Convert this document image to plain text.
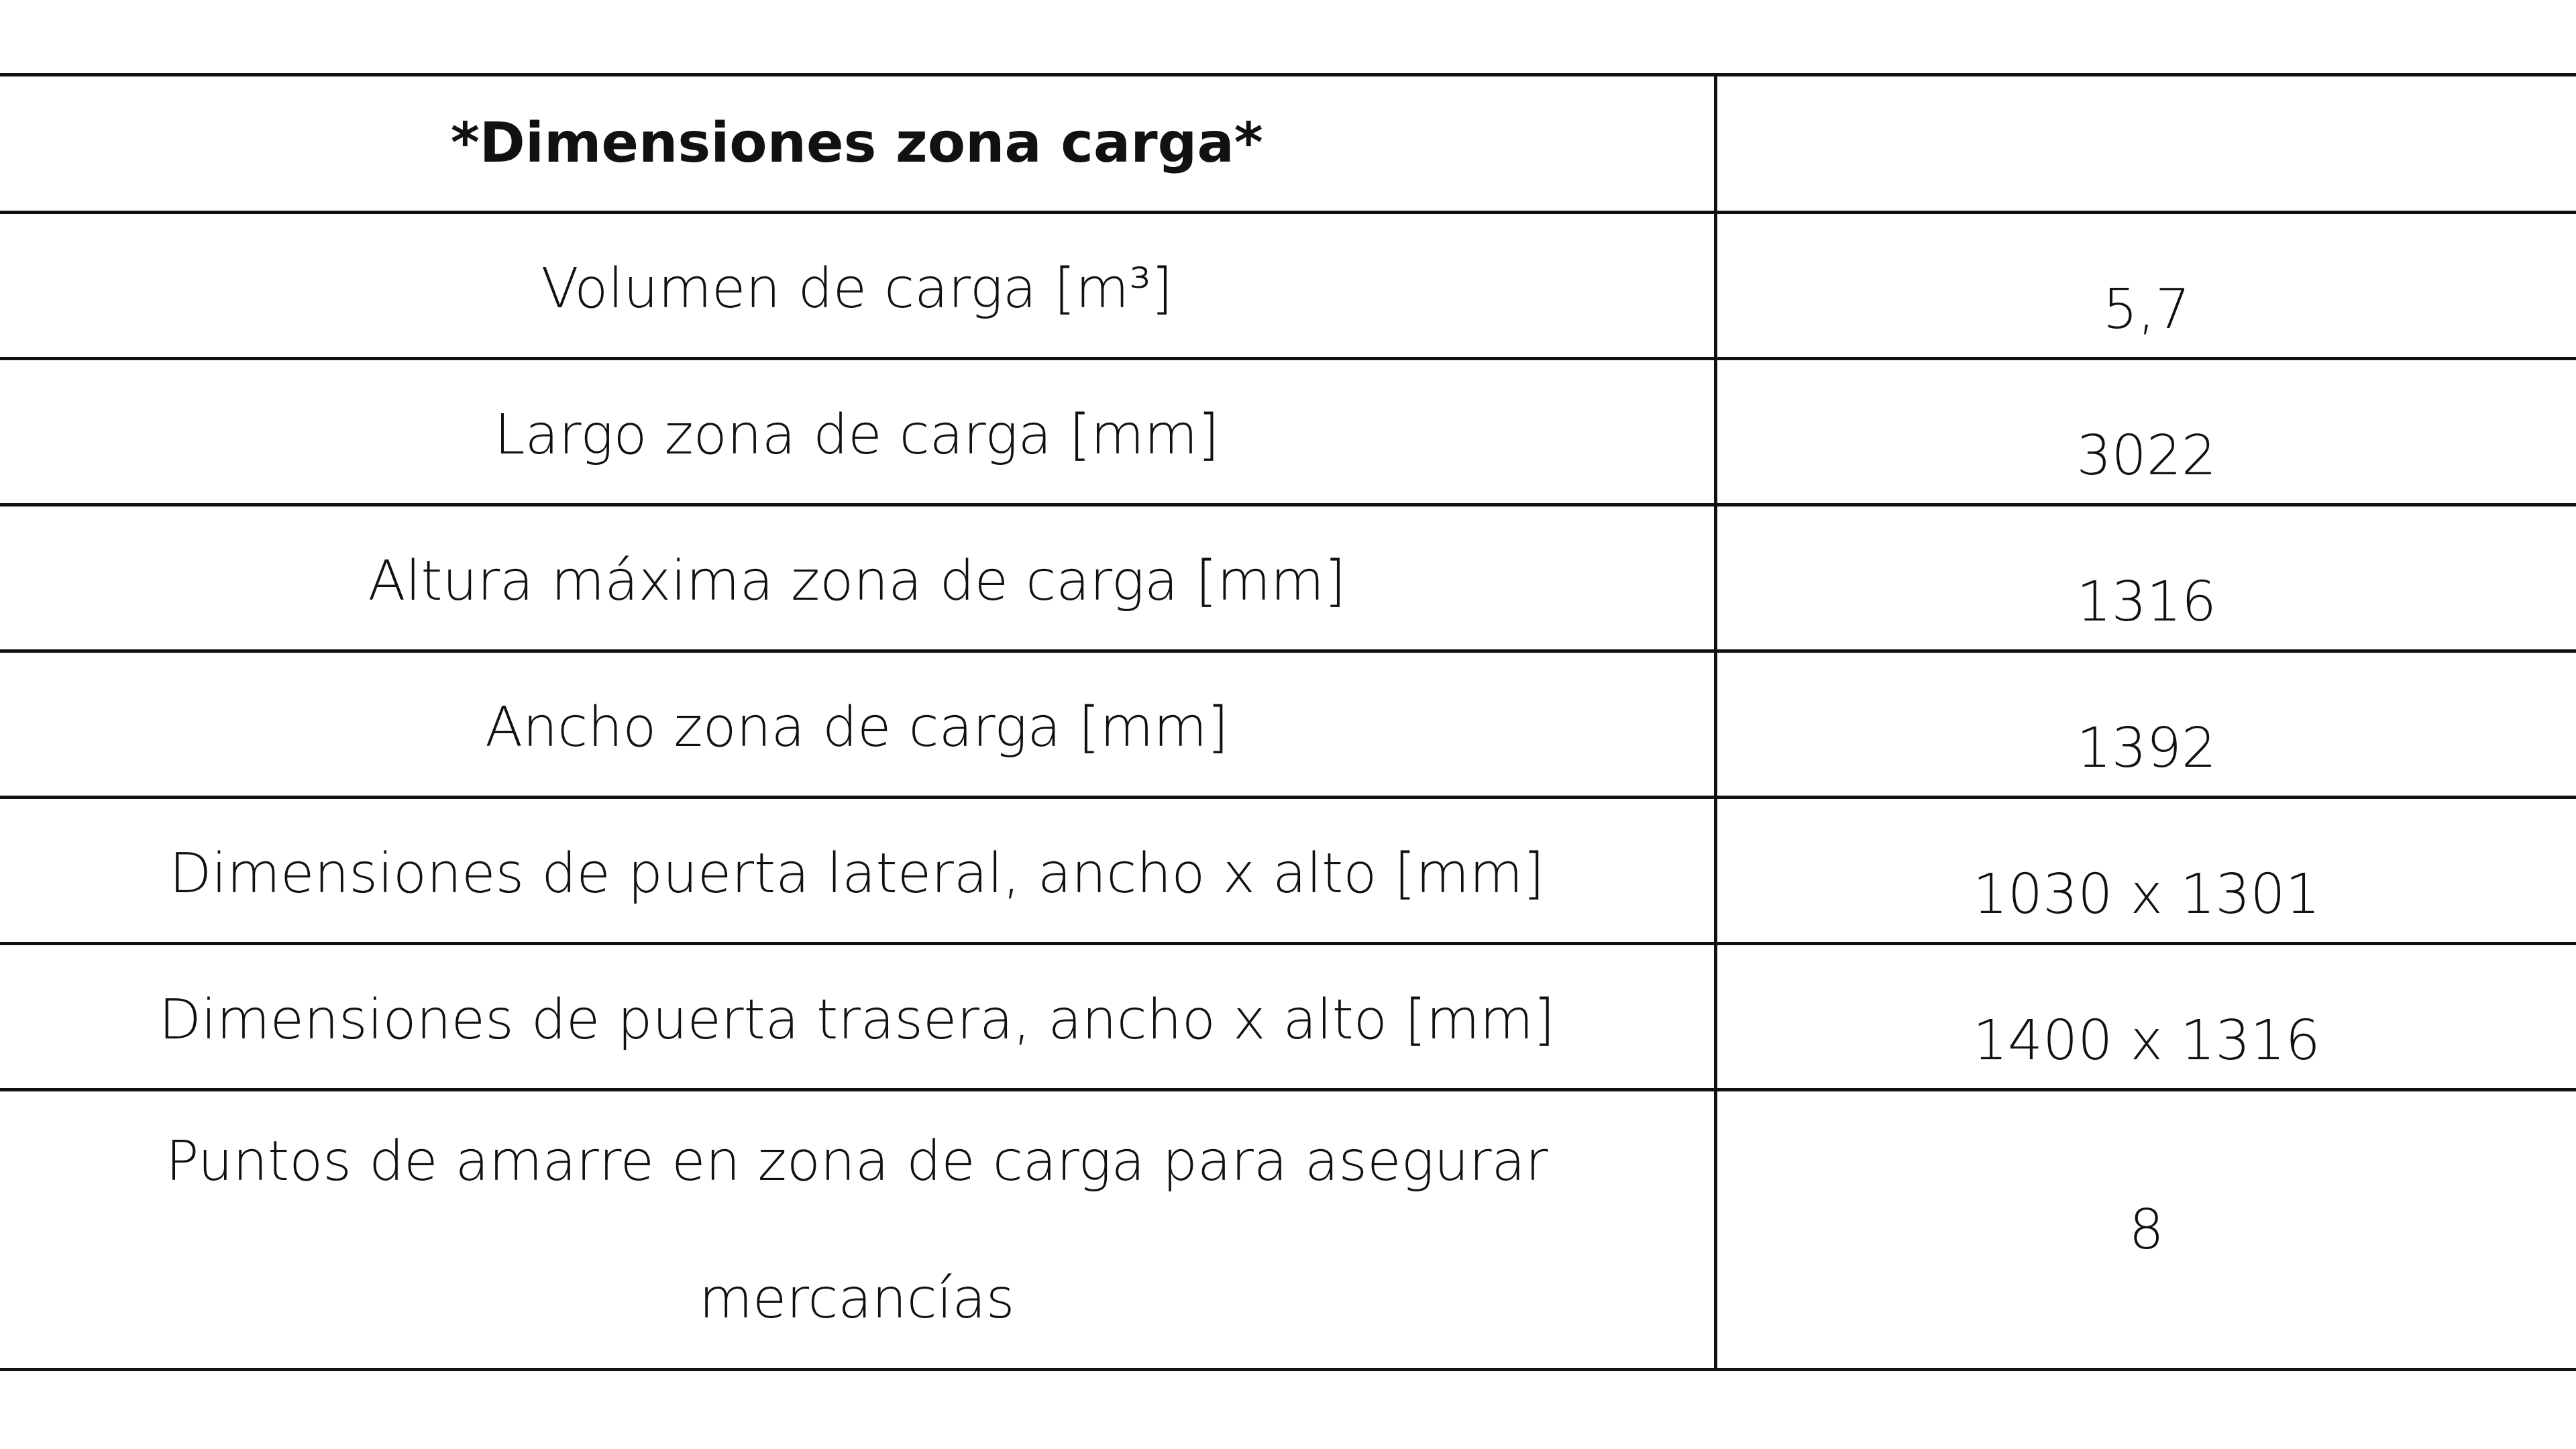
*Dimensiones zona carga*	

Volumen de carga [m³]	5,7

Largo zona de carga [mm]	3022

Altura máxima zona de carga [mm]	1316

Ancho zona de carga [mm]	1392

Dimensiones de puerta lateral, ancho x alto [mm]	1030 x 1301

Dimensiones de puerta trasera, ancho x alto [mm]	1400 x 1316

Puntos de amarre en zona de carga para asegurar mercancías	8
